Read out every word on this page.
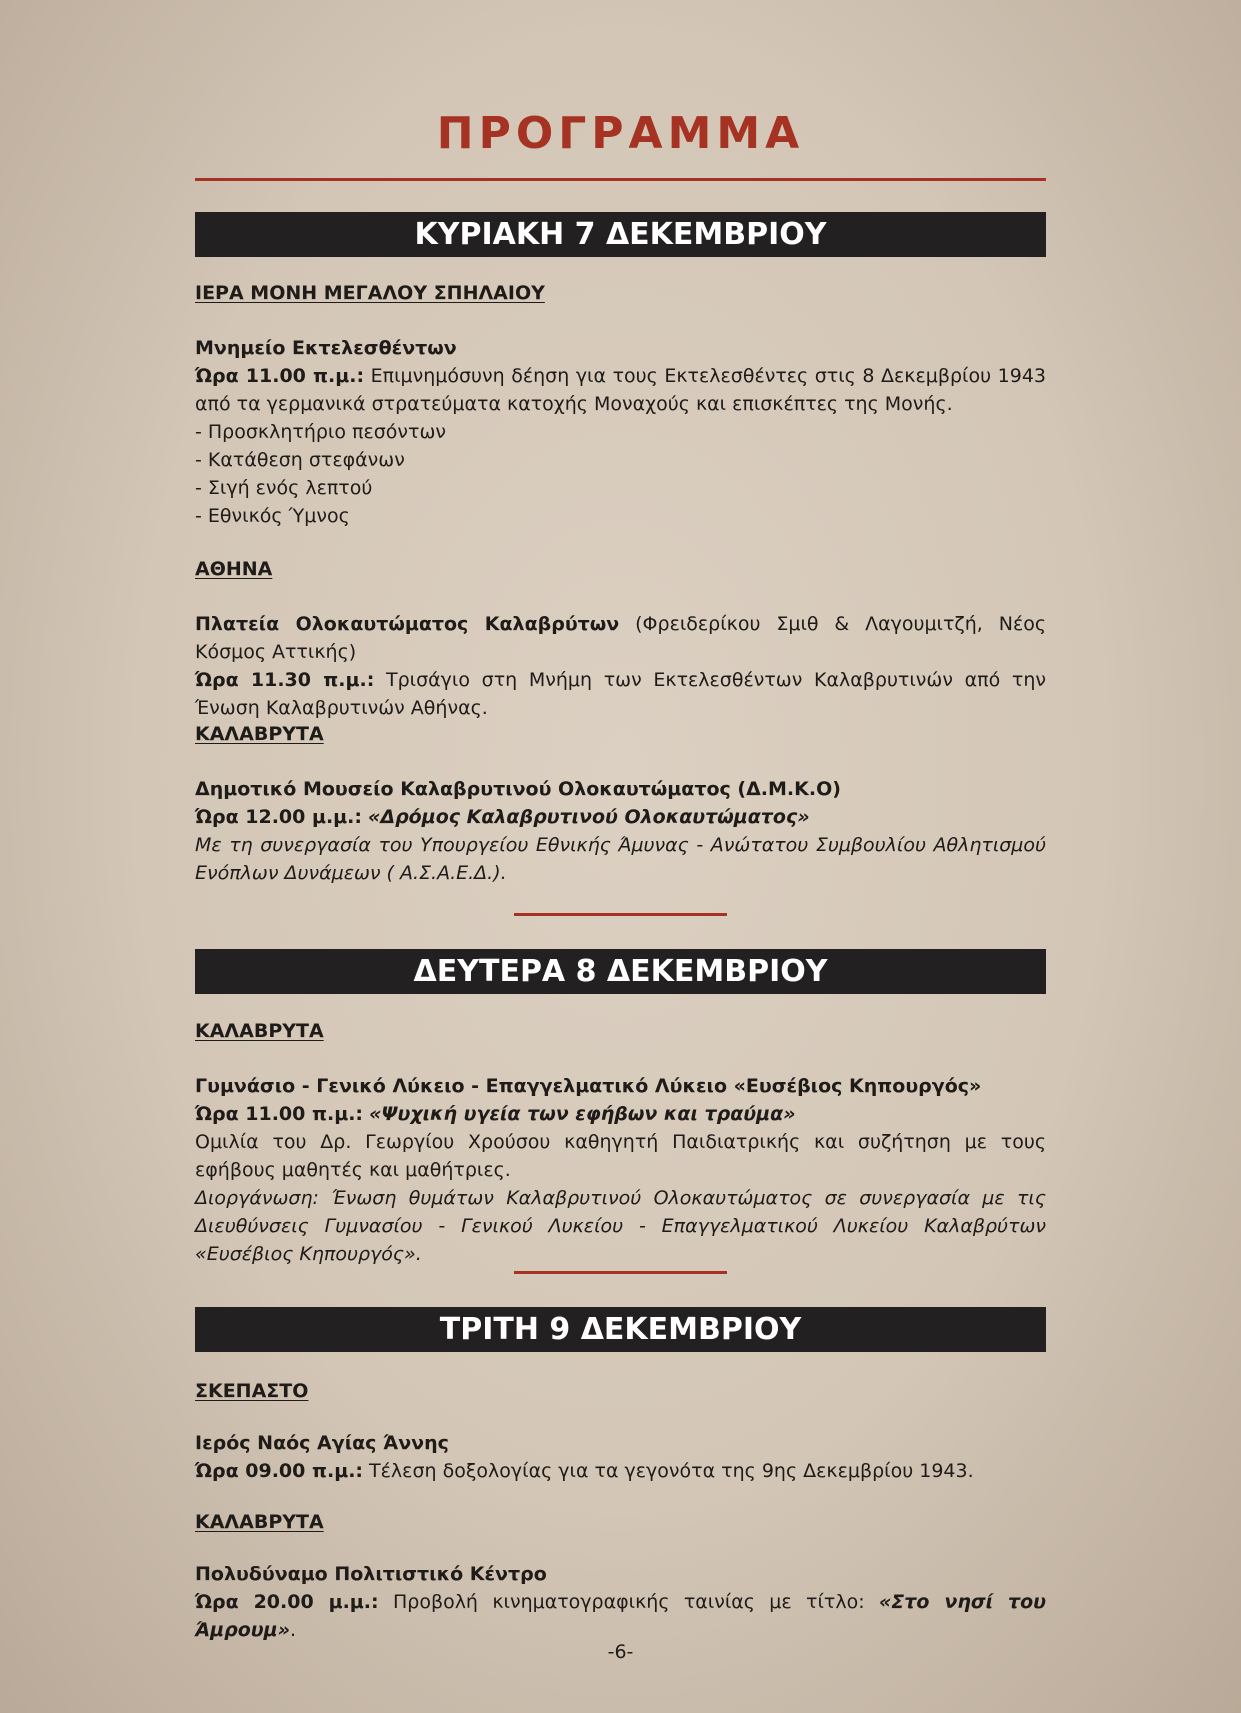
ΠΡΟΓΡΑΜΜΑ
ΚΥΡΙΑΚΗ 7 ΔΕΚΕΜΒΡΙΟΥ
ΙΕΡΑ ΜΟΝΗ ΜΕΓΑΛΟΥ ΣΠΗΛΑΙΟΥ

Μνημείο Εκτελεσθέντων

Ώρα 11.00 π.μ.: Επιμνημόσυνη δέηση για τους Εκτελεσθέντες στις 8 Δεκεμβρίου 1943 από τα γερμανικά στρατεύματα κατοχής Μοναχούς και επισκέπτες της Μονής.

- Προσκλητήριο πεσόντων

- Κατάθεση στεφάνων

- Σιγή ενός λεπτού

- Εθνικός Ύμνος

ΑΘΗΝΑ

Πλατεία Ολοκαυτώματος Καλαβρύτων (Φρειδερίκου Σμιθ & Λαγουμιτζή, Νέος Κόσμος Αττικής)

Ώρα 11.30 π.μ.: Τρισάγιο στη Μνήμη των Εκτελεσθέντων Καλαβρυτινών από την Ένωση Καλαβρυτινών Αθήνας.

ΚΑΛΑΒΡΥΤΑ

Δημοτικό Μουσείο Καλαβρυτινού Ολοκαυτώματος (Δ.Μ.Κ.Ο)

Ώρα 12.00 μ.μ.: «Δρόμος Καλαβρυτινού Ολοκαυτώματος»

Με τη συνεργασία του Υπουργείου Εθνικής Άμυνας - Ανώτατου Συμβουλίου Αθλητισμού Ενόπλων Δυνάμεων ( Α.Σ.Α.Ε.Δ.).

ΔΕΥΤΕΡΑ 8 ΔΕΚΕΜΒΡΙΟΥ
ΚΑΛΑΒΡΥΤΑ

Γυμνάσιο - Γενικό Λύκειο - Επαγγελματικό Λύκειο «Ευσέβιος Κηπουργός»

Ώρα 11.00 π.μ.: «Ψυχική υγεία των εφήβων και τραύμα»

Ομιλία του Δρ. Γεωργίου Χρούσου καθηγητή Παιδιατρικής και συζήτηση με τους εφήβους μαθητές και μαθήτριες.

Διοργάνωση: Ένωση θυμάτων Καλαβρυτινού Ολοκαυτώματος σε συνεργασία με τις Διευθύνσεις Γυμνασίου - Γενικού Λυκείου - Επαγγελματικού Λυκείου Καλαβρύτων «Ευσέβιος Κηπουργός».

ΤΡΙΤΗ 9 ΔΕΚΕΜΒΡΙΟΥ
ΣΚΕΠΑΣΤΟ

Ιερός Ναός Αγίας Άννης

Ώρα 09.00 π.μ.: Τέλεση δοξολογίας για τα γεγονότα της 9ης Δεκεμβρίου 1943.

ΚΑΛΑΒΡΥΤΑ

Πολυδύναμο Πολιτιστικό Κέντρο

Ώρα 20.00 μ.μ.: Προβολή κινηματογραφικής ταινίας με τίτλο: «Στο νησί του Άμρουμ».

-6-
